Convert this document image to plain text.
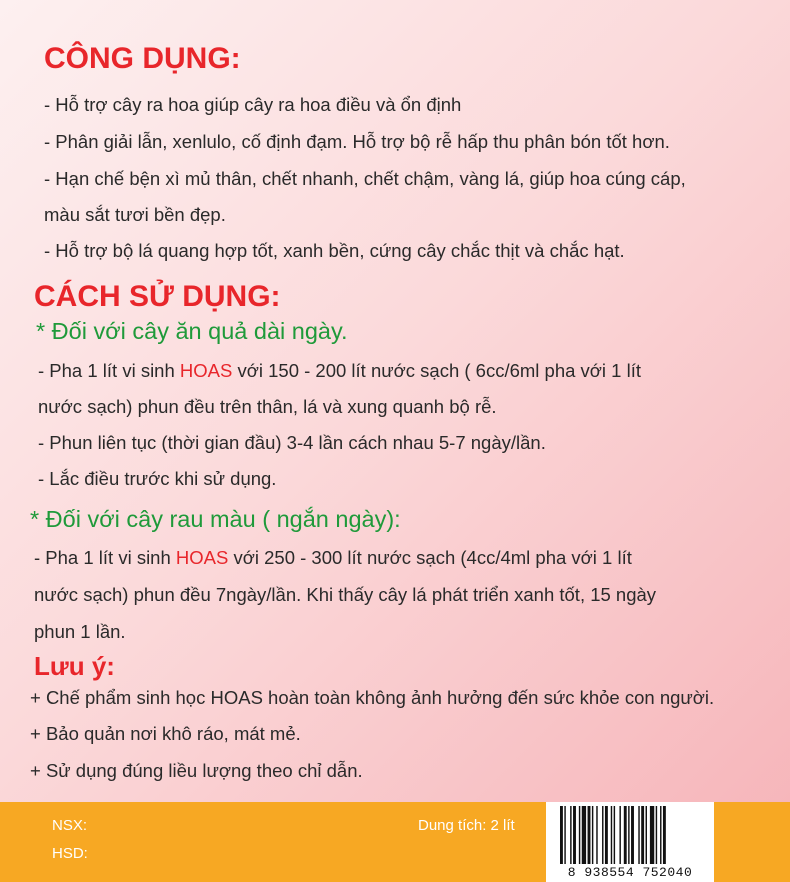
CÔNG DỤNG:
- Hỗ trợ cây ra hoa giúp cây ra hoa điều và ổn định
- Phân giải lẫn, xenlulo, cố định đạm. Hỗ trợ bộ rễ hấp thu phân bón tốt hơn.
- Hạn chế bện xì mủ thân, chết nhanh, chết chậm, vàng lá, giúp hoa cúng cáp,
màu sắt tươi bền đẹp.
- Hỗ trợ bộ lá quang hợp tốt, xanh bền, cứng cây chắc thịt và chắc hạt.
CÁCH SỬ DỤNG:
* Đối với cây ăn quả dài ngày.
- Pha 1 lít vi sinh HOAS với 150 - 200 lít nước sạch ( 6cc/6ml pha với 1 lít
nước sạch) phun đều trên thân, lá và xung quanh bộ rễ.
- Phun liên tục (thời gian đầu) 3-4 lần cách nhau 5-7 ngày/lần.
- Lắc điều trước khi sử dụng.
* Đối với cây rau màu ( ngắn ngày):
- Pha 1 lít vi sinh HOAS với 250 - 300 lít nước sạch (4cc/4ml pha với 1 lít
nước sạch) phun đều 7ngày/lần. Khi thấy cây lá phát triển xanh tốt, 15 ngày
phun 1 lần.
Lưu ý:
+ Chế phẩm sinh học HOAS hoàn toàn không ảnh hưởng đến sức khỏe con người.
+ Bảo quản nơi khô ráo, mát mẻ.
+ Sử dụng đúng liều lượng theo chỉ dẫn.
NSX:
HSD:
Dung tích: 2 lít
8 938554 752040
